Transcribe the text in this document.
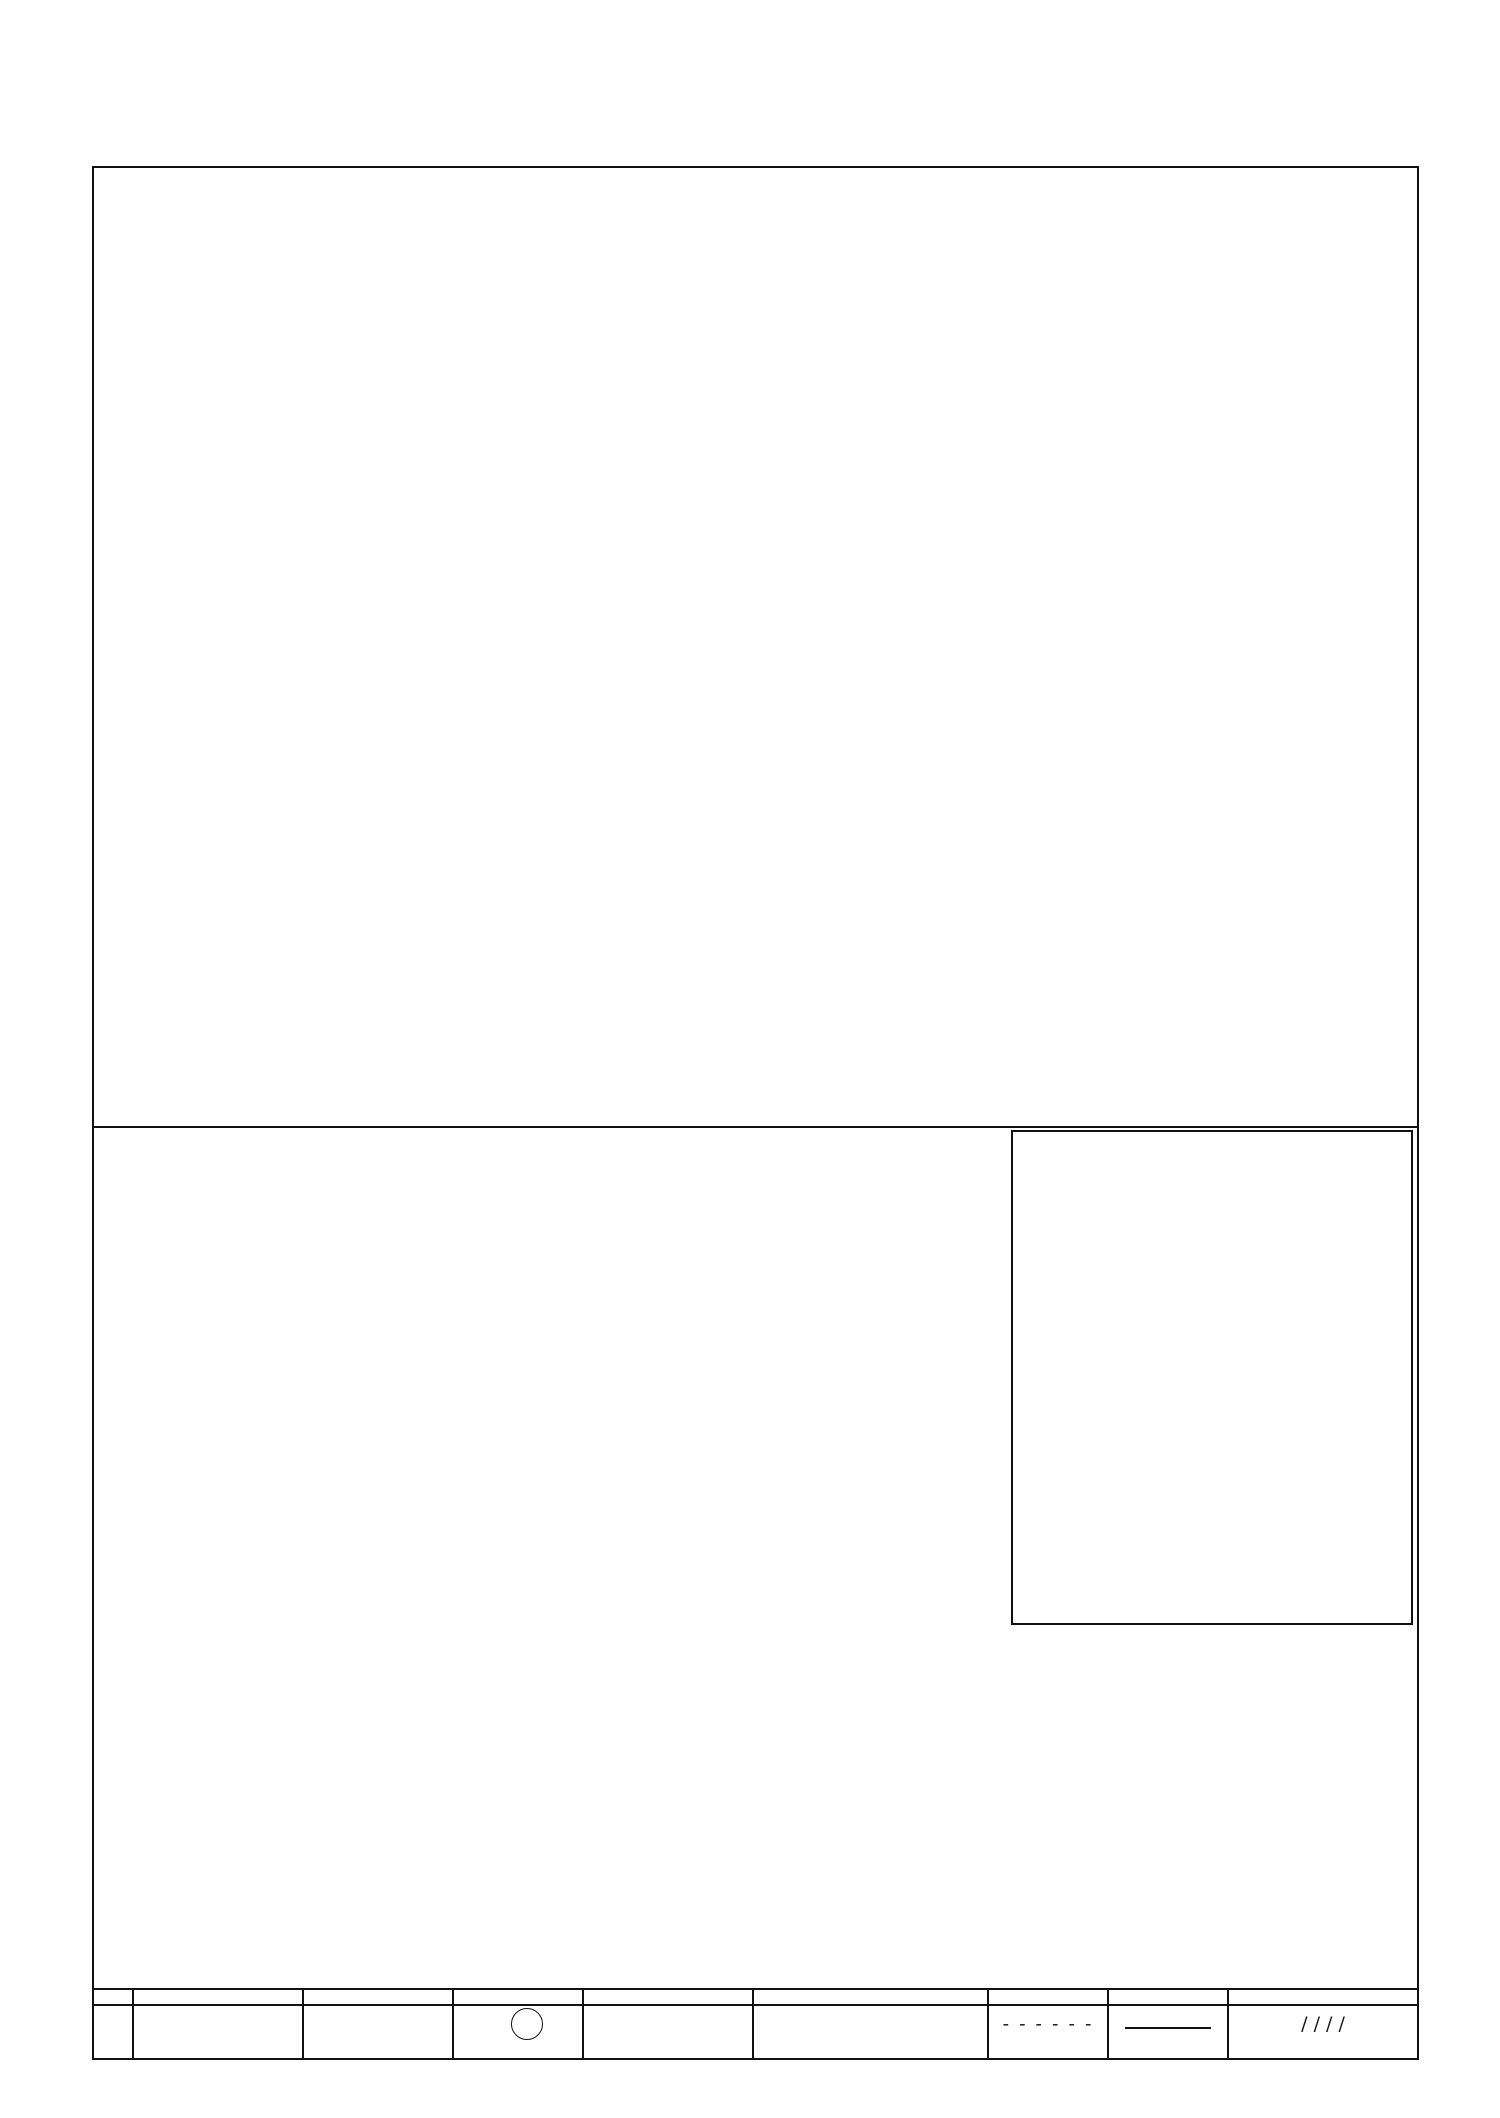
- - - - - -	/ / / /
